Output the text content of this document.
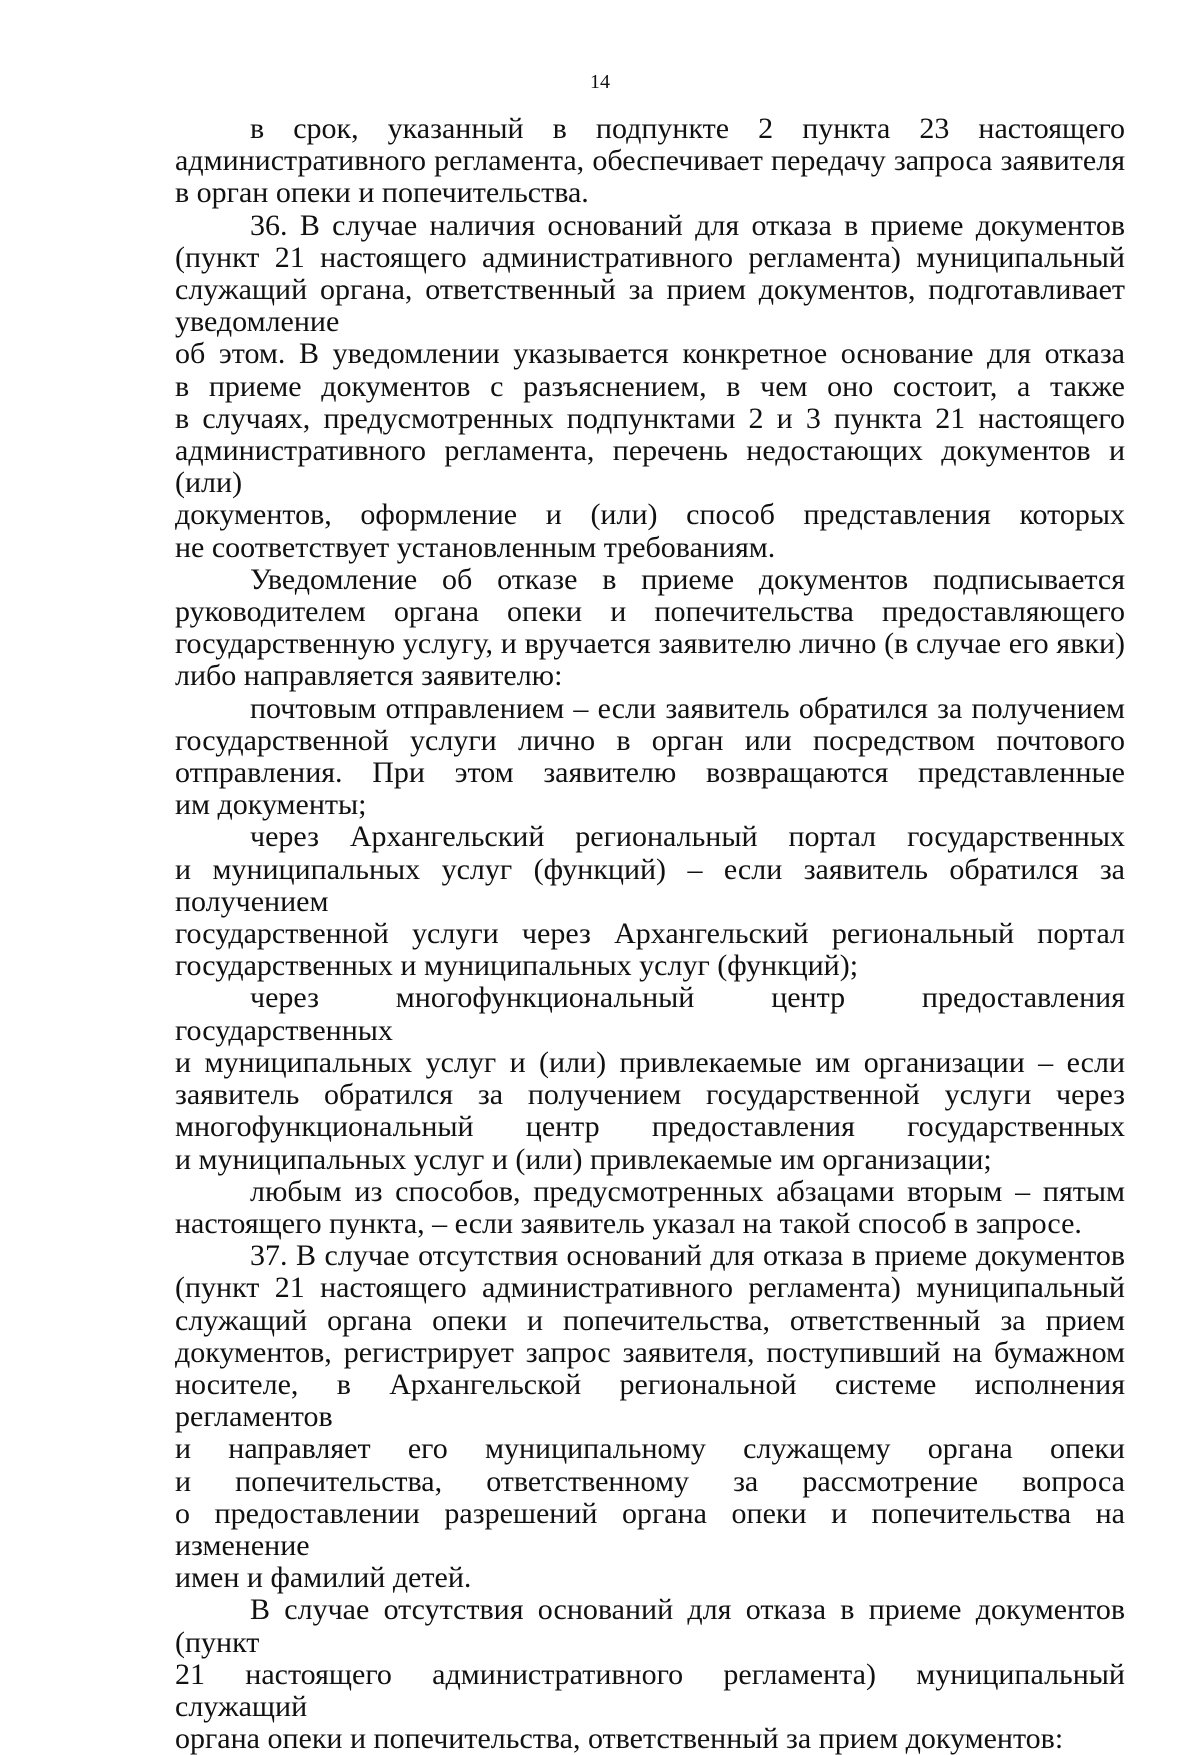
14

в срок, указанный в подпункте 2 пункта 23 настоящего

административного регламента, обеспечивает передачу запроса заявителя

в орган опеки и попечительства.

36. В случае наличия оснований для отказа в приеме документов

(пункт 21 настоящего административного регламента) муниципальный

служащий органа, ответственный за прием документов, подготавливает

уведомление

об этом. В уведомлении указывается конкретное основание для отказа

в приеме документов с разъяснением, в чем оно состоит, а также

в случаях, предусмотренных подпунктами 2 и 3 пункта 21 настоящего

административного регламента, перечень недостающих документов и (или)

документов, оформление и (или) способ представления которых

не соответствует установленным требованиям.

Уведомление об отказе в приеме документов подписывается

руководителем органа опеки и попечительства предоставляющего

государственную услугу, и вручается заявителю лично (в случае его явки)

либо направляется заявителю:

почтовым отправлением – если заявитель обратился за получением

государственной услуги лично в орган или посредством почтового

отправления. При этом заявителю возвращаются представленные

им документы;

через Архангельский региональный портал государственных

и муниципальных услуг (функций) – если заявитель обратился за получением

государственной услуги через Архангельский региональный портал

государственных и муниципальных услуг (функций);

через многофункциональный центр предоставления государственных

и муниципальных услуг и (или) привлекаемые им организации – если

заявитель обратился за получением государственной услуги через

многофункциональный центр предоставления государственных

и муниципальных услуг и (или) привлекаемые им организации;

любым из способов, предусмотренных абзацами вторым – пятым

настоящего пункта, – если заявитель указал на такой способ в запросе.

37. В случае отсутствия оснований для отказа в приеме документов

(пункт 21 настоящего административного регламента) муниципальный

служащий органа опеки и попечительства, ответственный за прием

документов, регистрирует запрос заявителя, поступивший на бумажном

носителе, в Архангельской региональной системе исполнения регламентов

и направляет его муниципальному служащему органа опеки

и попечительства, ответственному за рассмотрение вопроса

о предоставлении разрешений органа опеки и попечительства на изменение

имен и фамилий детей.

В случае отсутствия оснований для отказа в приеме документов (пункт

21 настоящего административного регламента) муниципальный служащий

органа опеки и попечительства, ответственный за прием документов:
